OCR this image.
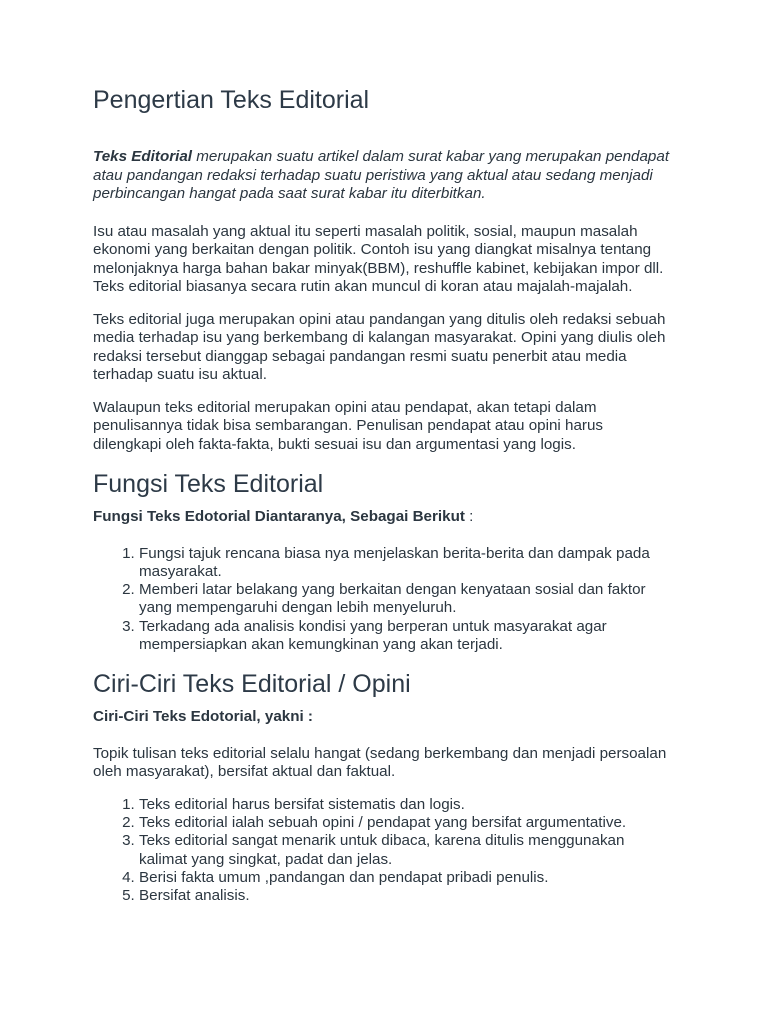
Pengertian Teks Editorial

Teks Editorial merupakan suatu artikel dalam surat kabar yang merupakan pendapat atau pandangan redaksi terhadap suatu peristiwa yang aktual atau sedang menjadi perbincangan hangat pada saat surat kabar itu diterbitkan.

Isu atau masalah yang aktual itu seperti masalah politik, sosial, maupun masalah ekonomi yang berkaitan dengan politik. Contoh isu yang diangkat misalnya tentang melonjaknya harga bahan bakar minyak(BBM), reshuffle kabinet, kebijakan impor dll. Teks editorial biasanya secara rutin akan muncul di koran atau majalah-majalah.

Teks editorial juga merupakan opini atau pandangan yang ditulis oleh redaksi sebuah media terhadap isu yang berkembang di kalangan masyarakat. Opini yang diulis oleh redaksi tersebut dianggap sebagai pandangan resmi suatu penerbit atau media terhadap suatu isu aktual.

Walaupun teks editorial merupakan opini atau pendapat, akan tetapi dalam penulisannya tidak bisa sembarangan. Penulisan pendapat atau opini harus dilengkapi oleh fakta-fakta, bukti sesuai isu dan argumentasi yang logis.

Fungsi Teks Editorial

Fungsi Teks Edotorial Diantaranya, Sebagai Berikut :

1. Fungsi tajuk rencana biasa nya menjelaskan berita-berita dan dampak pada masyarakat.
2. Memberi latar belakang yang berkaitan dengan kenyataan sosial dan faktor yang mempengaruhi dengan lebih menyeluruh.
3. Terkadang ada analisis kondisi yang berperan untuk masyarakat agar mempersiapkan akan kemungkinan yang akan terjadi.
Ciri-Ciri Teks Editorial / Opini

Ciri-Ciri Teks Edotorial, yakni :

Topik tulisan teks editorial selalu hangat (sedang berkembang dan menjadi persoalan oleh masyarakat), bersifat aktual dan faktual.

1. Teks editorial harus bersifat sistematis dan logis.
2. Teks editorial ialah sebuah opini / pendapat yang bersifat argumentative.
3. Teks editorial sangat menarik untuk dibaca, karena ditulis menggunakan kalimat yang singkat, padat dan jelas.
4. Berisi fakta umum ,pandangan dan pendapat pribadi penulis.
5. Bersifat analisis.
